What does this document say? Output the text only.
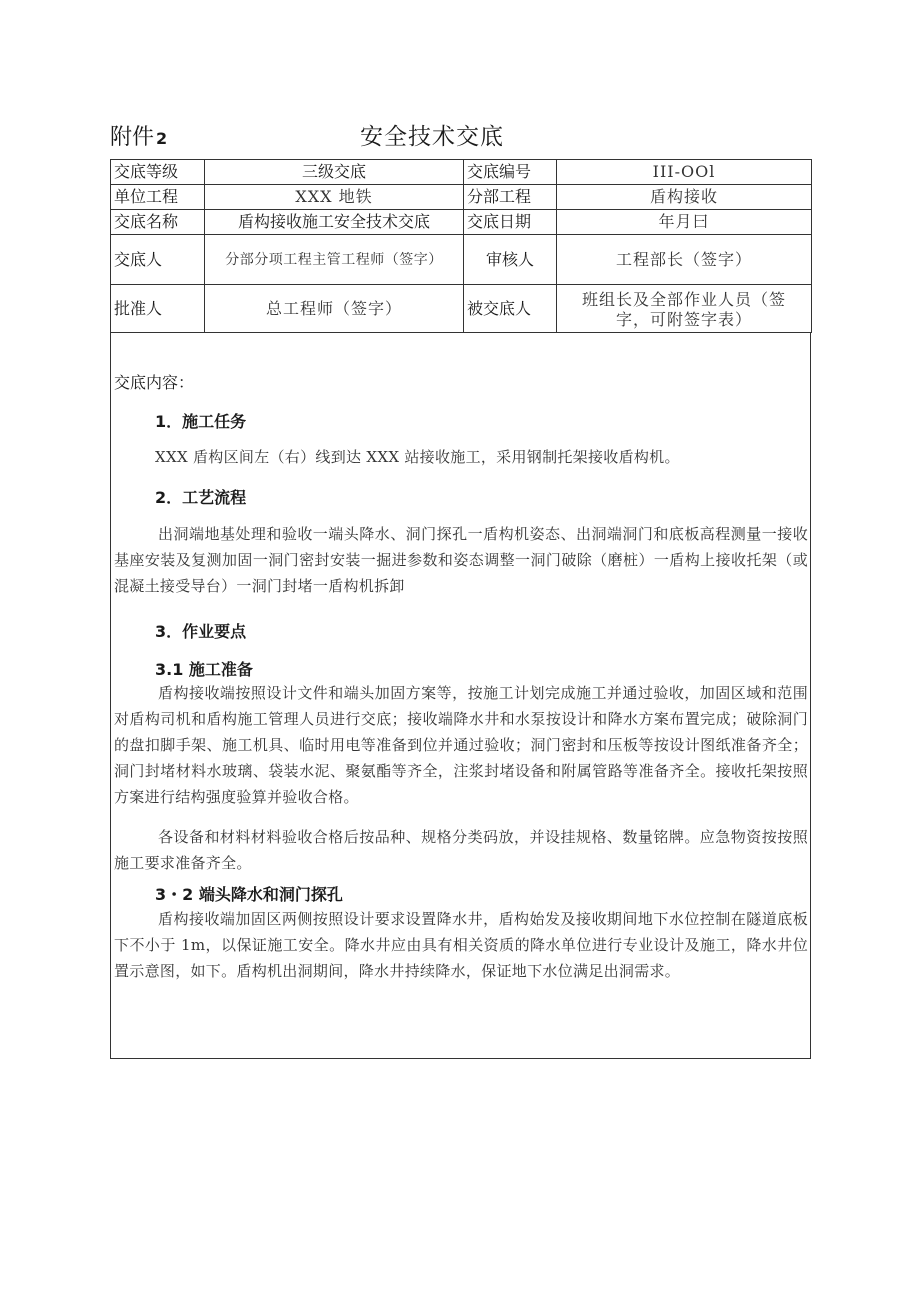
附件 2	安全技术交底
交底等级	三级交底	交底编号	III-OOl
单位工程	XXX 地铁	分部工程	盾构接收
交底名称	盾构接收施工安全技术交底	交底日期	年月曰
交底人	分部分项工程主管工程师（签字）	审核人	工程部长（签字）
批准人	总工程师（签字）	被交底人	班组长及全部作业人员（签字，可附签字表）
交底内容：
1．施工任务
XXX 盾构区间左（右）线到达 XXX 站接收施工，采用钢制托架接收盾构机。
2．工艺流程
出洞端地基处理和验收一端头降水、洞门探孔一盾构机姿态、出洞端洞门和底板高程测量一接收基座安装及复测加固一洞门密封安装一掘进参数和姿态调整一洞门破除（磨桩）一盾构上接收托架（或混凝土接受导台）一洞门封堵一盾构机拆卸
3．作业要点
3.1 施工准备
盾构接收端按照设计文件和端头加固方案等，按施工计划完成施工并通过验收，加固区域和范围对盾构司机和盾构施工管理人员进行交底；接收端降水井和水泵按设计和降水方案布置完成；破除洞门的盘扣脚手架、施工机具、临时用电等准备到位并通过验收；洞门密封和压板等按设计图纸准备齐全；洞门封堵材料水玻璃、袋装水泥、聚氨酯等齐全，注浆封堵设备和附属管路等准备齐全。接收托架按照方案进行结构强度验算并验收合格。
各设备和材料材料验收合格后按品种、规格分类码放，并设挂规格、数量铭牌。应急物资按按照施工要求准备齐全。
3・2 端头降水和洞门探孔
盾构接收端加固区两侧按照设计要求设置降水井，盾构始发及接收期间地下水位控制在隧道底板下不小于 1m，以保证施工安全。降水井应由具有相关资质的降水单位进行专业设计及施工，降水井位置示意图，如下。盾构机出洞期间，降水井持续降水，保证地下水位满足出洞需求。
